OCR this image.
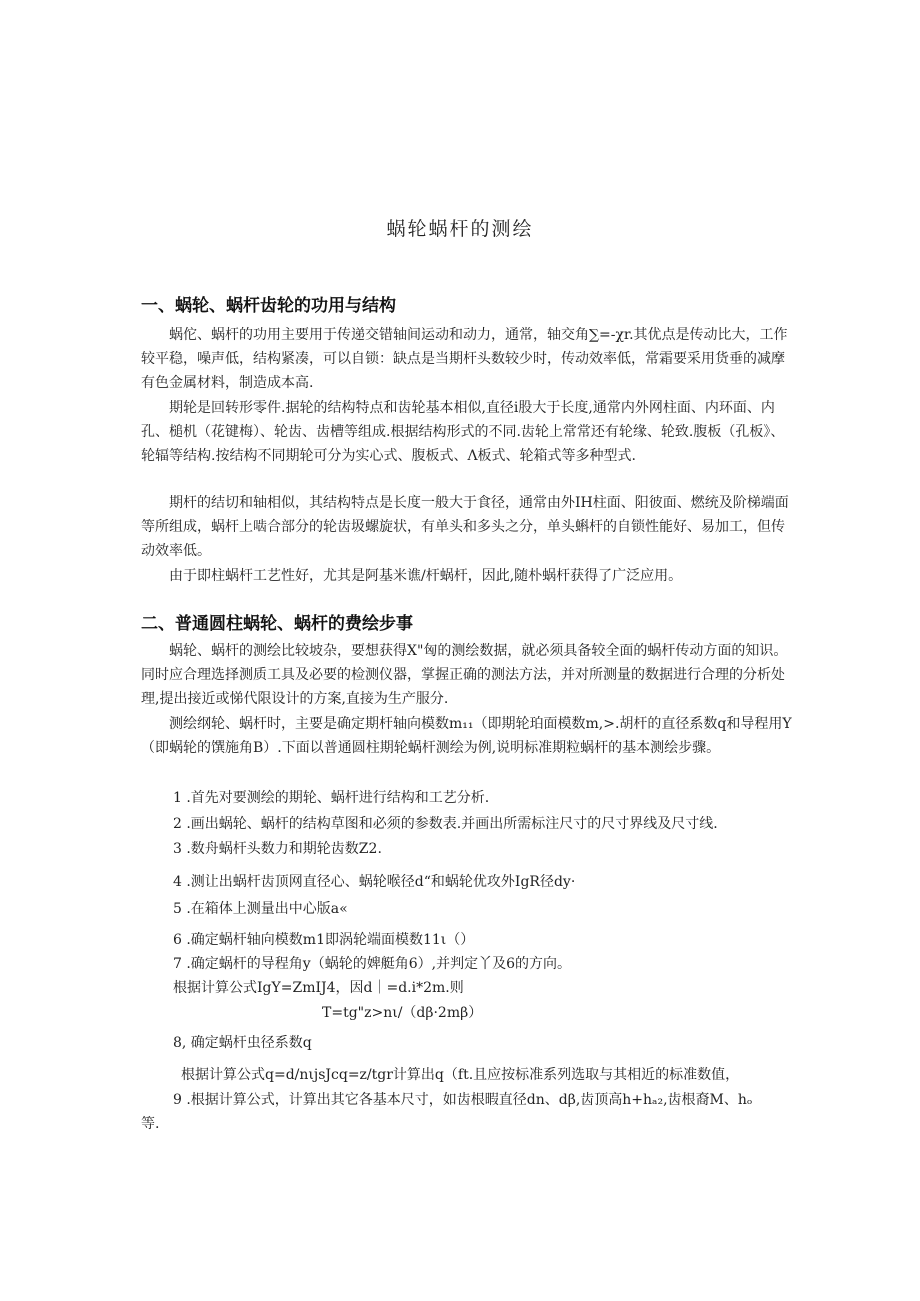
蜗轮蜗杆的测绘
一、蜗轮、蜗杆齿轮的功用与结构

蜗佗、蜗杆的功用主要用于传递交错轴间运动和动力，通常，轴交角∑=-χr.其优点是传动比大，工作较平稳，噪声低，结构紧凑，可以自锁：缺点是当期杆头数较少时，传动效率低，常霜要采用货垂的减摩有色金属材料，制造成本高.

期轮是回转形零件.据轮的结构特点和齿轮基本相似,直径i股大于长度,通常内外网柱面、内环面、内孔、槌机（花键梅）、轮齿、齿槽等组成.根据结构形式的不同.齿轮上常常还有轮缘、轮致.腹板（孔板》、轮辐等结构.按结构不同期轮可分为实心式、腹板式、Λ板式、轮箱式等多种型式.

期杆的结切和轴相似，其结构特点是长度一般大于食径，通常由外IH柱面、阳彼面、燃统及阶梯端面等所组成，蜗杆上啮合部分的轮齿圾螺旋状，有单头和多头之分，单头蝌杆的自锁性能好、易加工，但传动效率低。

由于即柱蜗杆工艺性好，尤其是阿基米谯/杆蜗杆，因此,随朴蜗杆获得了广泛应用。

二、普通圆柱蜗轮、蜗杆的费绘步事

蜗轮、蜗杆的测绘比较坡杂，要想获得X"匈的测绘数据，就必须具备较全面的蜗杆传动方面的知识。同时应合理选择测质工具及必要的检测仪器，掌握正确的测法方法，并对所测量的数据进行合理的分析处理,提出接近或悌代限设计的方案,直接为生产服分.

测绘纲轮、蜗杆时，主要是确定期杆轴向模数m₁₁（即期轮珀面模数m,>.胡杆的直径系数q和导程用Y（即蜗轮的馔施角B）.下面以普通圆柱期轮蜗杆测绘为例,说明标准期粒蜗杆的基本测绘步骤。

1 .首先对要测绘的期轮、蜗杆进行结构和工艺分析.
2 .画出蜗轮、蜗杆的结构草图和必须的参数表.并画出所需标注尺寸的尺寸界线及尺寸线.
3 .数舟蜗杆头数力和期轮齿数Z2.
4 .测让出蜗杆齿顶网直径心、蜗轮喉径d“和蜗轮优攻外IgR径dy·
5 .在箱体上测量出中心版a«
6 .确定蜗杆轴向模数m1即涡轮端面模数11ι（）
7 .确定蜗杆的导程角y（蜗轮的婢艇角6）,并判定丫及6的方向。
根据计算公式IgY=ZmIJ4，因d｜=d.i*2m.则
T=tg"z>nι/（dβ·2mβ）
8, 确定蜗杆虫径系数q
根据计算公式q=d/nιjsJcq=z/tgr计算出q（ft.且应按标准系列选取与其相近的标准数值，
9 .根据计算公式，计算出其它各基本尺寸，如齿根暇直径dn、dβ,齿顶高h+hₐ₂,齿根裔M、hₒ
等.
